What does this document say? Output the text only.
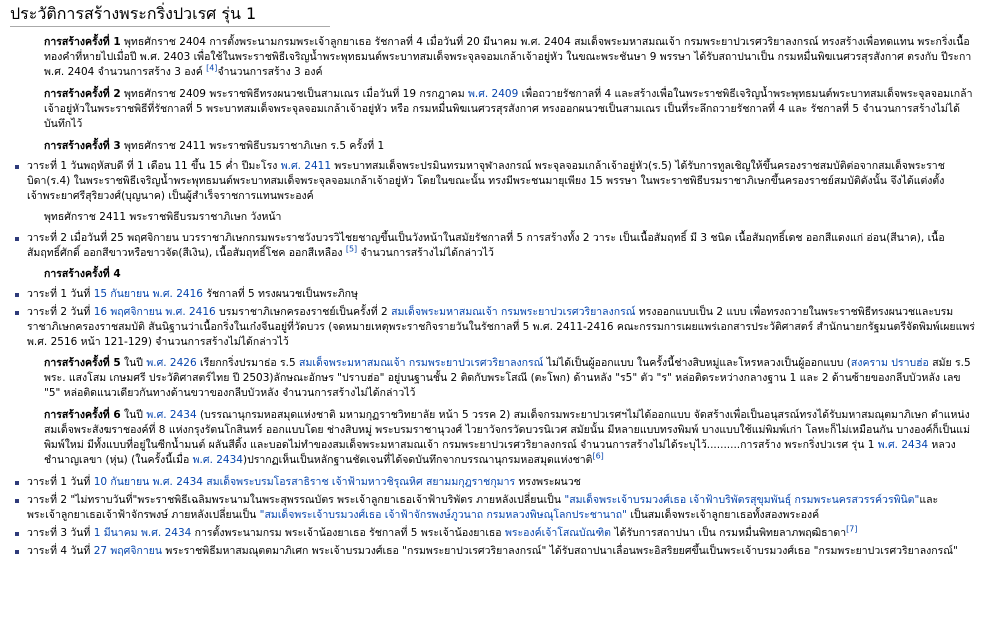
ประวัติการสร้างพระกริ่งปวเรศ รุ่น 1

การสร้างครั้งที่ 1 พุทธศักราช 2404 การตั้งพระนามกรมพระเจ้าลูกยาเธอ รัชกาลที่ 4 เมื่อวันที่ 20 มีนาคม พ.ศ. 2404 สมเด็จพระมหาสมณเจ้า กรมพระยาปวเรศวริยาลงกรณ์ ทรงสร้างเพื่อทดแทน พระกริ่งเนื้อทองคำที่หายไปเมื่อปี พ.ศ. 2403 เพื่อใช้ในพระราชพิธีเจริญน้ำพระพุทธมนต์พระบาทสมเด็จพระจุลจอมเกล้าเจ้าอยู่หัว ในขณะพระชันษา 9 พรรษา ได้รับสถาปนาเป็น กรมหมื่นพิฆเนศวรสุรสังกาศ ตรงกับ ปีระกา พ.ศ. 2404 จำนวนการสร้าง 3 องค์ [4]จำนวนการสร้าง 3 องค์

การสร้างครั้งที่ 2 พุทธศักราช 2409 พระราชพิธีทรงผนวชเป็นสามเณร เมื่อวันที่ 19 กรกฎาคม พ.ศ. 2409 เพื่อถวายรัชกาลที่ 4 และสร้างเพื่อในพระราชพิธีเจริญน้ำพระพุทธมนต์พระบาทสมเด็จพระจุลจอมเกล้าเจ้าอยู่หัวในพระราชพิธีที่รัชกาลที่ 5 พระบาทสมเด็จพระจุลจอมเกล้าเจ้าอยู่หัว หรือ กรมหมื่นพิฆเนศวรสุรสังกาศ ทรงออกผนวชเป็นสามเณร เป็นที่ระลึกถวายรัชกาลที่ 4 และ รัชกาลที่ 5 จำนวนการสร้างไม่ได้บันทึกไว้

การสร้างครั้งที่ 3 พุทธศักราช 2411 พระราชพิธีบรมราชาภิเษก ร.5 ครั้งที่ 1

วาระที่ 1 วันพฤหัสบดี ที่ 1 เดือน 11 ขึ้น 15 ค่ำ ปีมะโรง พ.ศ. 2411 พระบาทสมเด็จพระปรมินทรมหาจุฬาลงกรณ์ พระจุลจอมเกล้าเจ้าอยู่หัว(ร.5) ได้รับการทูลเชิญให้ขึ้นครองราชสมบัติต่อจากสมเด็จพระราชบิดา(ร.4) ในพระราชพิธีเจริญน้ำพระพุทธมนต์พระบาทสมเด็จพระจุลจอมเกล้าเจ้าอยู่หัว โดยในขณะนั้น ทรงมีพระชนมายุเพียง 15 พรรษา ในพระราชพิธีบรมราชาภิเษกขึ้นครองราชย์สมบัติดังนั้น จึงได้แต่งตั้งเจ้าพระยาศรีสุริยวงศ์(บุญนาค) เป็นผู้สำเร็จราชการแทนพระองค์
พุทธศักราช 2411 พระราชพิธีบรมราชาภิเษก วังหน้า
วาระที่ 2 เมื่อวันที่ 25 พฤศจิกายน บวรราชาภิเษกกรมพระราชวังบวรวิไชยชาญขึ้นเป็นวังหน้าในสมัยรัชกาลที่ 5 การสร้างทั้ง 2 วาระ เป็นเนื้อสัมฤทธิ์ มี 3 ชนิด เนื้อสัมฤทธิ์เดช ออกสีแดงแก่ อ่อน(สีนาค), เนื้อสัมฤทธิ์ศักดิ์ ออกสีขาวหรือขาวจัด(สีเงิน), เนื้อสัมฤทธิ์โชค ออกสีเหลือง [5] จำนวนการสร้างไม่ได้กล่าวไว้

การสร้างครั้งที่ 4

วาระที่ 1 วันที่ 15 กันยายน พ.ศ. 2416 รัชกาลที่ 5 ทรงผนวชเป็นพระภิกษุ
วาระที่ 2 วันที่ 16 พฤศจิกายน พ.ศ. 2416 บรมราชาภิเษกครองราชย์เป็นครั้งที่ 2 สมเด็จพระมหาสมณเจ้า กรมพระยาปวเรศวริยาลงกรณ์ ทรงออกแบบเป็น 2 แบบ เพื่อทรงถวายในพระราชพิธีทรงผนวชและบรมราชาภิเษกครองราชสมบัติ สันนิฐานว่าเนื้อกริ่งในเก๋งจีนอยู่ที่วัดบวร (จดหมายเหตุพระราชกิจรายวันในรัชกาลที่ 5 พ.ศ. 2411-2416 คณะกรรมการเผยแพร่เอกสารประวัติศาสตร์ สำนักนายกรัฐมนตรีจัดพิมพ์เผยแพร่ พ.ศ. 2516 หน้า 121-129) จำนวนการสร้างไม่ได้กล่าวไว้

การสร้างครั้งที่ 5 ในปี พ.ศ. 2426 เรียกกริ่งปรมาธ่อ ร.5 สมเด็จพระมหาสมณเจ้า กรมพระยาปวเรศวริยาลงกรณ์ ไม่ได้เป็นผู้ออกแบบ ในครั้งนี้ช่างสิบหมู่และโหรหลวงเป็นผู้ออกแบบ (สงคราม ปราบฮ่อ สมัย ร.5 พระ. แสงโสม เกษมศรี ประวัติศาสตร์ไทย ปี 2503)ลักษณะอักษร "ปราบฮ่อ" อยู่บนฐานชั้น 2 ติดกับพระโสณี (ตะโพก) ด้านหลัง "ร5" ตัว "ร" หล่อติดระหว่างกลางฐาน 1 และ 2 ด้านซ้ายของกลีบบัวหลัง เลข "5" หล่อติดแนวเดียวกันทางด้านขวาของกลีบบัวหลัง จำนวนการสร้างไม่ได้กล่าวไว้

การสร้างครั้งที่ 6 ในปี พ.ศ. 2434 (บรรณานุกรมหอสมุดแห่งชาติ มหามกุฏราชวิทยาลัย หน้า 5 วรรค 2) สมเด็จกรมพระยาปวเรศฯไม่ได้ออกแบบ จัดสร้างเพื่อเป็นอนุสรณ์ทรงได้รับมหาสมณุตมาภิเษก ดำแหน่งสมเด็จพระสังฆราชองค์ที่ 8 แห่งกรุงรัตนโกสินทร์ ออกแบบโดย ช่างสิบหมู่ พระบรมราชานุวงศ์ ไวยาวัจกรวัดบวรนิเวศ สมัยนั้น มีหลายแบบทรงพิมพ์ บางแบบใช้แม่พิมพ์เก่า โลหะก็ไม่เหมือนกัน บางองค์ก็เป็นแม่พิมพ์ใหม่ มีทั้งแบบที่อยู่ในซีกน้ำมนต์ ผลันสีดิ้ง และบอดไม่ทำของสมเด็จพระมหาสมณเจ้า กรมพระยาปวเรศวริยาลงกรณ์ จำนวนการสร้างไม่ได้ระบุไว้..........การสร้าง พระกริ่งปวเรศ รุ่น 1 พ.ศ. 2434 หลวงชำนาญเลขา (หุ่น) (ในครั้งนี้เมื่อ พ.ศ. 2434)ปรากฏเห็นเป็นหลักฐานชัดเจนที่ได้จดบันทึกจากบรรณานุกรมหอสมุดแห่งชาติ[6]

วาระที่ 1 วันที่ 10 กันยายน พ.ศ. 2434 สมเด็จพระบรมโอรสาธิราช เจ้าฟ้ามหาวชิรุณหิศ สยามมกุฎราชกุมาร ทรงพระผนวช
วาระที่ 2 "ไม่ทราบวันที่"พระราชพิธีเฉลิมพระนามในพระสุพรรณบัตร พระเจ้าลูกยาเธอเจ้าฟ้าบริพัตร ภายหลังเปลี่ยนเป็น "สมเด็จพระเจ้าบรมวงศ์เธอ เจ้าฟ้าบริพัตรสุขุมพันธุ์ กรมพระนครสวรรค์วรพินิต"และ พระเจ้าลูกยาเธอเจ้าฟ้าจักรพงษ์ ภายหลังเปลี่ยนเป็น "สมเด็จพระเจ้าบรมวงศ์เธอ เจ้าฟ้าจักรพงษ์ภูวนาถ กรมหลวงพิษณุโลกประชานาถ" เป็นสมเด็จพระเจ้าลูกยาเธอทั้งสองพระองค์
วาระที่ 3 วันที่ 1 มีนาคม พ.ศ. 2434 การตั้งพระนามกรม พระเจ้าน้องยาเธอ รัชกาลที่ 5 พระเจ้าน้องยาเธอ พระองค์เจ้าโสณบัณฑิต ได้รับการสถาปนา เป็น กรมหมื่นพิทยลาภพฤฒิธาดา[7]
วาระที่ 4 วันที่ 27 พฤศจิกายน พระราชพิธีมหาสมณุตตมาภิเศก พระเจ้าบรมวงศ์เธอ "กรมพระยาปวเรศวริยาลงกรณ์" ได้รับสถาปนาเลื่อนพระอิสริยยศขึ้นเป็นพระเจ้าบรมวงศ์เธอ "กรมพระยาปวเรศวริยาลงกรณ์"
